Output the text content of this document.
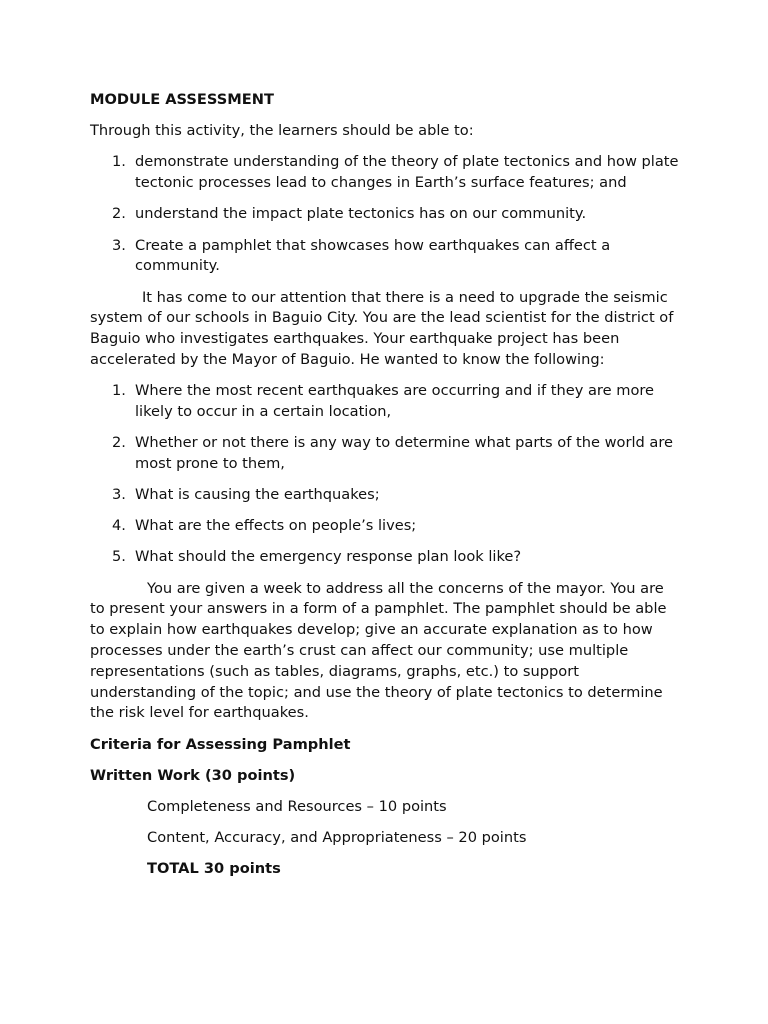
MODULE ASSESSMENT
Through this activity, the learners should be able to:
1. demonstrate understanding of the theory of plate tectonics and how plate tectonic processes lead to changes in Earth’s surface features; and
2. understand the impact plate tectonics has on our community.
3. Create a pamphlet that showcases how earthquakes can affect a community.
It has come to our attention that there is a need to upgrade the seismic system of our schools in Baguio City. You are the lead scientist for the district of Baguio who investigates earthquakes. Your earthquake project has been accelerated by the Mayor of Baguio. He wanted to know the following:
1. Where the most recent earthquakes are occurring and if they are more likely to occur in a certain location,
2. Whether or not there is any way to determine what parts of the world are most prone to them,
3. What is causing the earthquakes;
4. What are the effects on people’s lives;
5. What should the emergency response plan look like?
You are given a week to address all the concerns of the mayor. You are to present your answers in a form of a pamphlet. The pamphlet should be able to explain how earthquakes develop; give an accurate explanation as to how processes under the earth’s crust can affect our community; use multiple representations (such as tables, diagrams, graphs, etc.) to support understanding of the topic; and use the theory of plate tectonics to determine the risk level for earthquakes.
Criteria for Assessing Pamphlet
Written Work (30 points)
Completeness and Resources – 10 points
Content, Accuracy, and Appropriateness – 20 points
TOTAL 30 points
